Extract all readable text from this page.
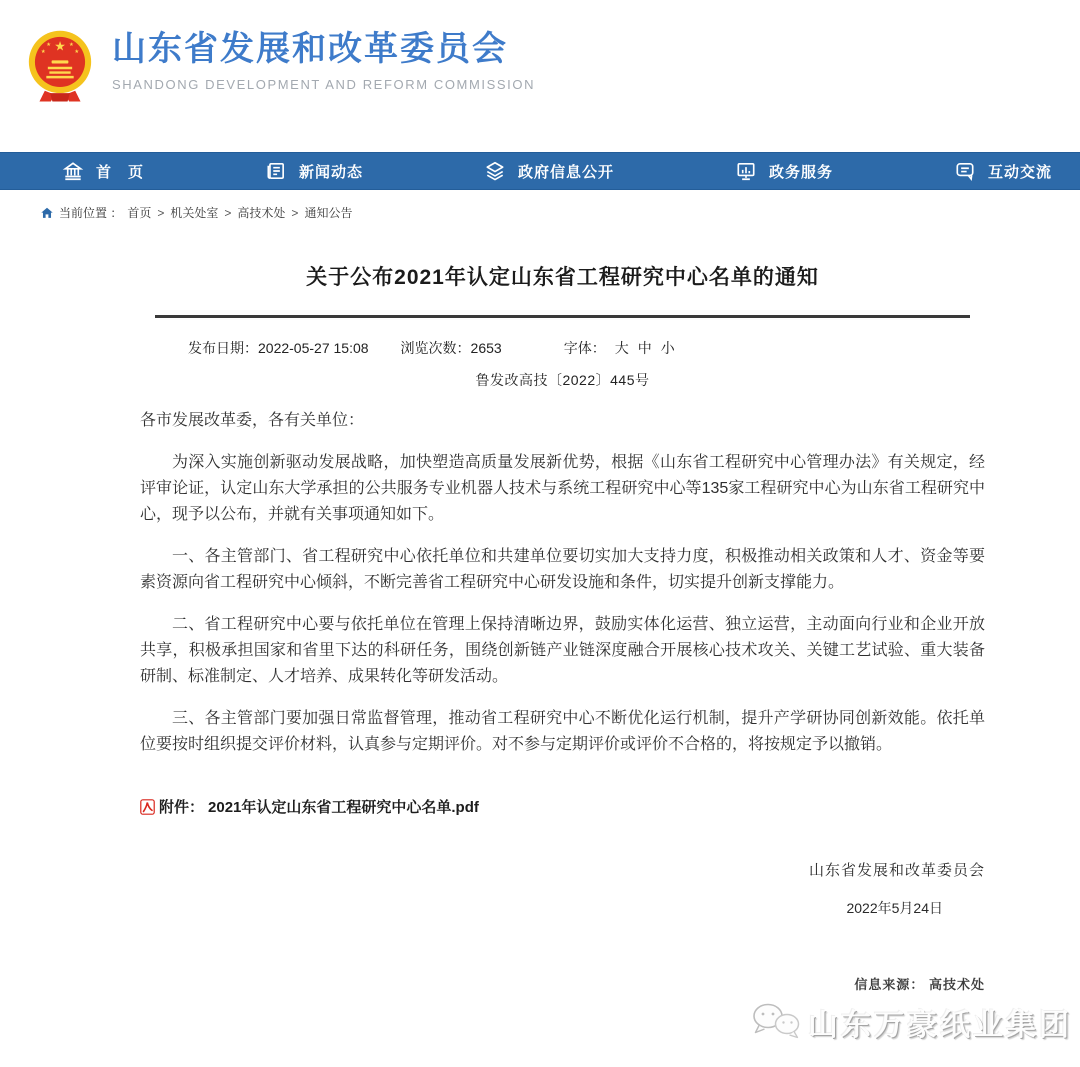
★
★	★
★	★ 山东省发展和改革委员会
SHANDONG DEVELOPMENT AND REFORM COMMISSION
首　页	新闻动态	政府信息公开	政务服务	互动交流
当前位置 ： 首页 > 机关处室 > 高技术处 > 通知公告
关于公布2021年认定山东省工程研究中心名单的通知
发布日期：2022-05-27 15:08 浏览次数：2653	字体： 大 中 小
鲁发改高技〔2022〕445号

各市发展改革委，各有关单位：

为深入实施创新驱动发展战略，加快塑造高质量发展新优势，根据《山东省工程研究中心管理办法》有关规定，经评审论证，认定山东大学承担的公共服务专业机器人技术与系统工程研究中心等135家工程研究中心为山东省工程研究中心，现予以公布，并就有关事项通知如下。

一、各主管部门、省工程研究中心依托单位和共建单位要切实加大支持力度，积极推动相关政策和人才、资金等要素资源向省工程研究中心倾斜，不断完善省工程研究中心研发设施和条件，切实提升创新支撑能力。

二、省工程研究中心要与依托单位在管理上保持清晰边界，鼓励实体化运营、独立运营，主动面向行业和企业开放共享，积极承担国家和省里下达的科研任务，围绕创新链产业链深度融合开展核心技术攻关、关键工艺试验、重大装备研制、标准制定、人才培养、成果转化等研发活动。

三、各主管部门要加强日常监督管理，推动省工程研究中心不断优化运行机制，提升产学研协同创新效能。依托单位要按时组织提交评价材料，认真参与定期评价。对不参与定期评价或评价不合格的，将按规定予以撤销。

附件： 2021年认定山东省工程研究中心名单.pdf
山东省发展和改革委员会
2022年5月24日
信息来源： 高技术处
山东万豪纸业集团
